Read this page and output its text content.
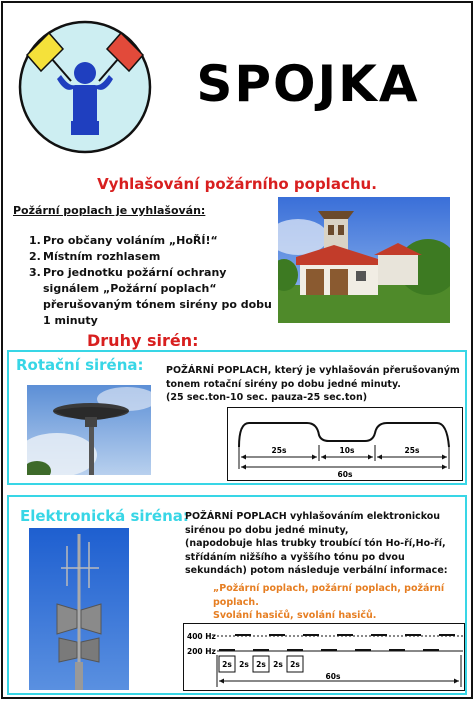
SPOJKA
Vyhlašování požárního poplachu.
Požární poplach je vyhlašován:
1. Pro občany voláním „HoŘÍ!“
2. Místním rozhlasem
3. Pro jednotku požární ochrany signálem „Požární poplach“ přerušovaným tónem sirény po dobu 1 minuty
Druhy sirén:
Rotační siréna: POŽÁRNÍ POPLACH, který je vyhlašován přerušovaným tonem rotační sirény po dobu jedné minuty.
(25 sec.ton-10 sec. pauza-25 sec.ton)
25s	10s	25s
60s
Elektronická siréna:
POŽÁRNÍ POPLACH vyhlašováním elektronickou sirénou po dobu jedné minuty,
(napodobuje hlas trubky troubící tón Ho-ří,Ho-ří, střídáním nižšího a vyššího tónu po dvou sekundách) potom následuje verbální informace:
„Požární poplach, požární poplach, požární poplach.
Svolání hasičů, svolání hasičů.
400 Hz
200 Hz
2s 2s 2s 2s 2s
60s
